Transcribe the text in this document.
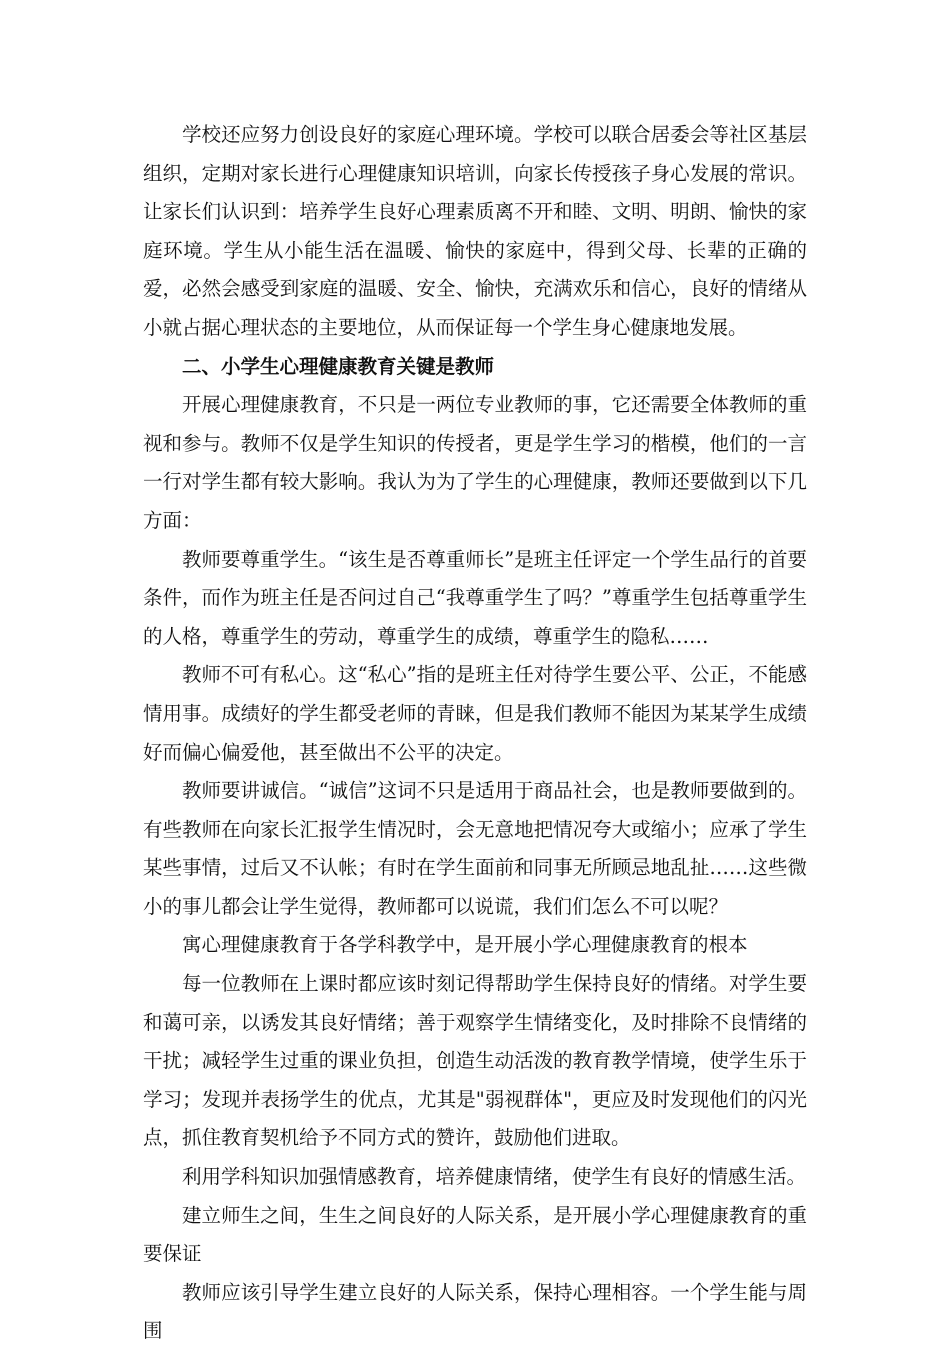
学校还应努力创设良好的家庭心理环境。学校可以联合居委会等社区基层组织，定期对家长进行心理健康知识培训，向家长传授孩子身心发展的常识。让家长们认识到：培养学生良好心理素质离不开和睦、文明、明朗、愉快的家庭环境。学生从小能生活在温暖、愉快的家庭中，得到父母、长辈的正确的爱，必然会感受到家庭的温暖、安全、愉快，充满欢乐和信心，良好的情绪从小就占据心理状态的主要地位，从而保证每一个学生身心健康地发展。

二、小学生心理健康教育关键是教师

开展心理健康教育，不只是一两位专业教师的事，它还需要全体教师的重视和参与。教师不仅是学生知识的传授者，更是学生学习的楷模，他们的一言一行对学生都有较大影响。我认为为了学生的心理健康，教师还要做到以下几方面：

教师要尊重学生。“该生是否尊重师长”是班主任评定一个学生品行的首要条件，而作为班主任是否问过自己“我尊重学生了吗？”尊重学生包括尊重学生的人格，尊重学生的劳动，尊重学生的成绩，尊重学生的隐私……

教师不可有私心。这“私心”指的是班主任对待学生要公平、公正，不能感情用事。成绩好的学生都受老师的青睐，但是我们教师不能因为某某学生成绩好而偏心偏爱他，甚至做出不公平的决定。

教师要讲诚信。“诚信”这词不只是适用于商品社会，也是教师要做到的。有些教师在向家长汇报学生情况时，会无意地把情况夸大或缩小；应承了学生某些事情，过后又不认帐；有时在学生面前和同事无所顾忌地乱扯……这些微小的事儿都会让学生觉得，教师都可以说谎，我们们怎么不可以呢？

寓心理健康教育于各学科教学中，是开展小学心理健康教育的根本

每一位教师在上课时都应该时刻记得帮助学生保持良好的情绪。对学生要和蔼可亲，以诱发其良好情绪；善于观察学生情绪变化，及时排除不良情绪的干扰；减轻学生过重的课业负担，创造生动活泼的教育教学情境，使学生乐于学习；发现并表扬学生的优点，尤其是"弱视群体"，更应及时发现他们的闪光点，抓住教育契机给予不同方式的赞许，鼓励他们进取。

利用学科知识加强情感教育，培养健康情绪，使学生有良好的情感生活。

建立师生之间，生生之间良好的人际关系，是开展小学心理健康教育的重要保证

教师应该引导学生建立良好的人际关系，保持心理相容。一个学生能与周围
